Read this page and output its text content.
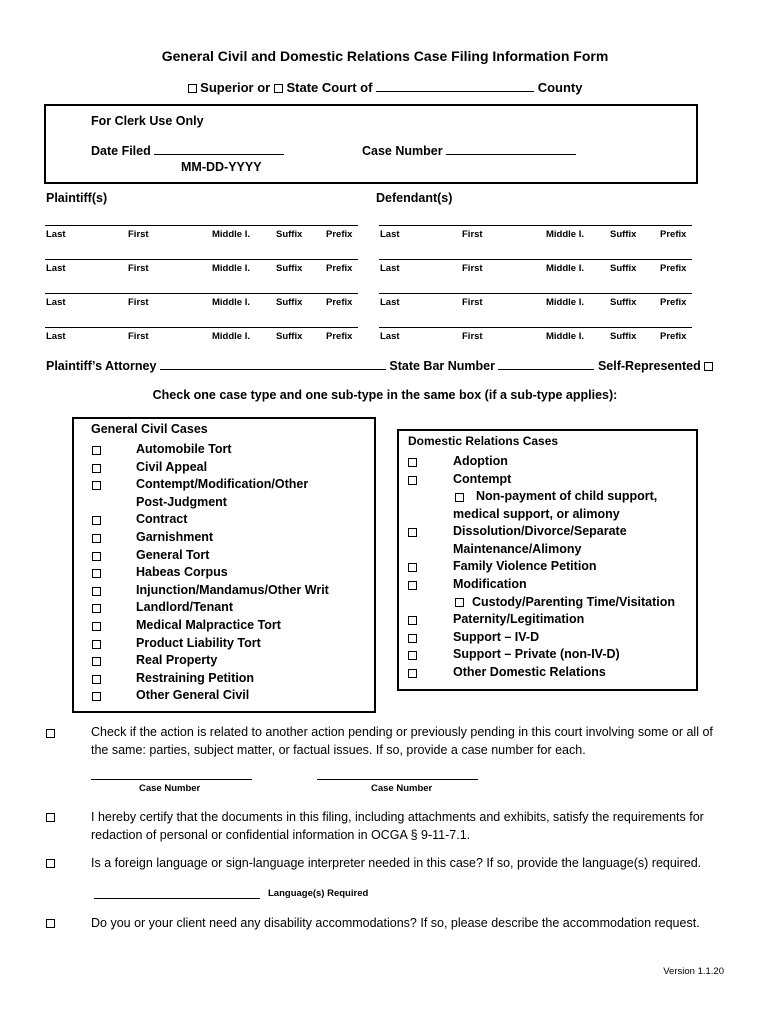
General Civil and Domestic Relations Case Filing Information Form
Superior or State Court of	County
For Clerk Use Only
Date Filed
MM-DD-YYYY
Case Number
Plaintiff(s)	Defendant(s)
Last	First	Middle I.	Suffix Prefix
Last	First	Middle I.	Suffix Prefix
Last	First	Middle I.	Suffix Prefix
Last	First	Middle I.	Suffix Prefix
Last	First	Middle I.	Suffix Prefix
Last	First	Middle I.	Suffix Prefix
Last	First	Middle I.	Suffix Prefix
Last	First	Middle I.	Suffix Prefix
Plaintiff’s Attorney	State Bar Number	Self-Represented
Check one case type and one sub-type in the same box (if a sub-type applies):
General Civil Cases
Automobile Tort
Civil Appeal
Contempt/Modification/Other
Post-Judgment
Contract
Garnishment
General Tort
Habeas Corpus
Injunction/Mandamus/Other Writ
Landlord/Tenant
Medical Malpractice Tort
Product Liability Tort
Real Property
Restraining Petition
Other General Civil
Domestic Relations Cases
Adoption
Contempt
Non-payment of child support,
medical support, or alimony
Dissolution/Divorce/Separate
Maintenance/Alimony
Family Violence Petition
Modification
Custody/Parenting Time/Visitation
Paternity/Legitimation
Support – IV-D
Support – Private (non-IV-D)
Other Domestic Relations
Check if the action is related to another action pending or previously pending in this court involving some or all of
the same: parties, subject matter, or factual issues. If so, provide a case number for each.
Case Number	Case Number
I hereby certify that the documents in this filing, including attachments and exhibits, satisfy the requirements for
redaction of personal or confidential information in OCGA § 9-11-7.1.
Is a foreign language or sign-language interpreter needed in this case? If so, provide the language(s) required.
Language(s) Required
Do you or your client need any disability accommodations? If so, please describe the accommodation request.
Version 1.1.20
